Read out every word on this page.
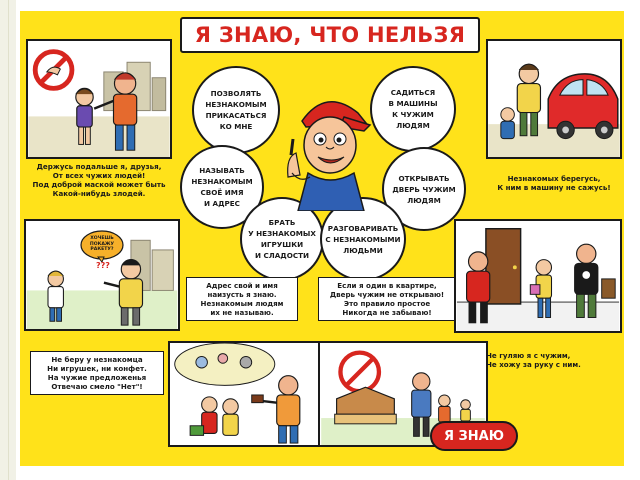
Я ЗНАЮ, ЧТО НЕЛЬЗЯ
Держусь подальше я, друзья,
От всех чужих людей!
Под доброй маской может быть
Какой-нибудь злодей.
Незнакомых берегусь,
К ним в машину не сажусь!
ПОЗВОЛЯТЬ
НЕЗНАКОМЫМ
ПРИКАСАТЬСЯ
КО МНЕ
САДИТЬСЯ
В МАШИНЫ
К ЧУЖИМ
ЛЮДЯМ
НАЗЫВАТЬ
НЕЗНАКОМЫМ
СВОЁ ИМЯ
И АДРЕС
ОТКРЫВАТЬ
ДВЕРЬ ЧУЖИМ
ЛЮДЯМ
БРАТЬ
У НЕЗНАКОМЫХ
ИГРУШКИ
И СЛАДОСТИ
РАЗГОВАРИВАТЬ
С НЕЗНАКОМЫМИ
ЛЮДЬМИ
ХОЧЕШЬ
ПОКАЖУ
РАКЕТУ?
???
Адрес свой и имя
наизусть я знаю.
Незнакомым людям
их не называю.
Если я один в квартире,
Дверь чужим не открываю!
Это правило простое
Никогда не забываю!
Не беру у незнакомца
Ни игрушек, ни конфет.
На чужие предложенья
Отвечаю смело "Нет"!
Не гуляю я с чужим,
Не хожу за руку с ним.
Я ЗНАЮ
